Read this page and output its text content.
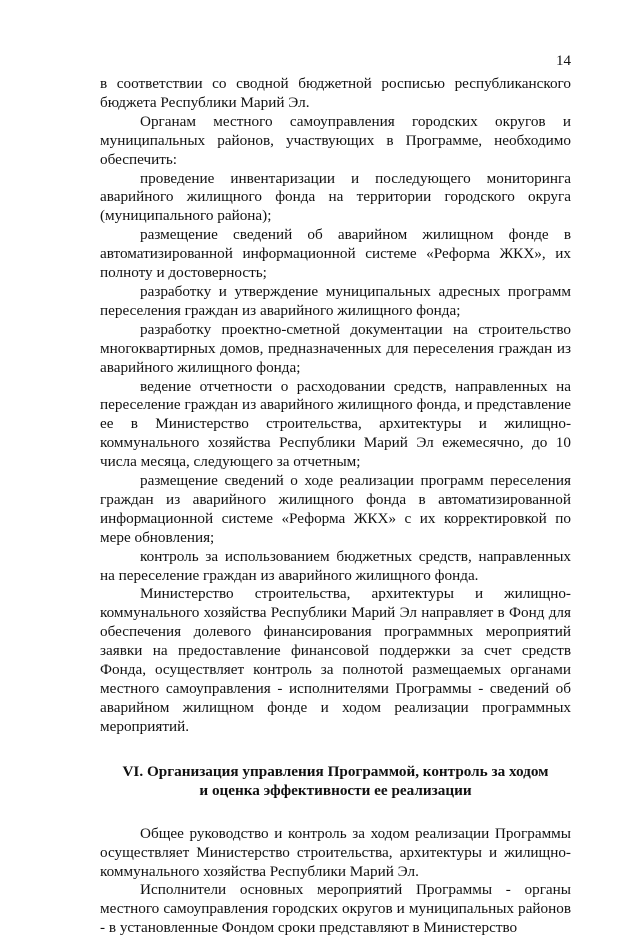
14

в соответствии со сводной бюджетной росписью республиканского бюджета Республики Марий Эл.

Органам местного самоуправления городских округов и муниципальных районов, участвующих в Программе, необходимо обеспечить:

проведение инвентаризации и последующего мониторинга аварийного жилищного фонда на территории городского округа (муниципального района);

размещение сведений об аварийном жилищном фонде в автоматизированной информационной системе «Реформа ЖКХ», их полноту и достоверность;

разработку и утверждение муниципальных адресных программ переселения граждан из аварийного жилищного фонда;

разработку проектно-сметной документации на строительство многоквартирных домов, предназначенных для переселения граждан из аварийного жилищного фонда;

ведение отчетности о расходовании средств, направленных на переселение граждан из аварийного жилищного фонда, и представление ее в Министерство строительства, архитектуры и жилищно-коммунального хозяйства Республики Марий Эл ежемесячно, до 10 числа месяца, следующего за отчетным;

размещение сведений о ходе реализации программ переселения граждан из аварийного жилищного фонда в автоматизированной информационной системе «Реформа ЖКХ» с их корректировкой по мере обновления;

контроль за использованием бюджетных средств, направленных на переселение граждан из аварийного жилищного фонда.

Министерство строительства, архитектуры и жилищно-коммунального хозяйства Республики Марий Эл направляет в Фонд для обеспечения долевого финансирования программных мероприятий заявки на предоставление финансовой поддержки за счет средств Фонда, осуществляет контроль за полнотой размещаемых органами местного самоуправления - исполнителями Программы - сведений об аварийном жилищном фонде и ходом реализации программных мероприятий.

VI. Организация управления Программой, контроль за ходом
и оценка эффективности ее реализации

Общее руководство и контроль за ходом реализации Программы осуществляет Министерство строительства, архитектуры и жилищно-коммунального хозяйства Республики Марий Эл.

Исполнители основных мероприятий Программы - органы местного самоуправления городских округов и муниципальных районов - в установленные Фондом сроки представляют в Министерство
